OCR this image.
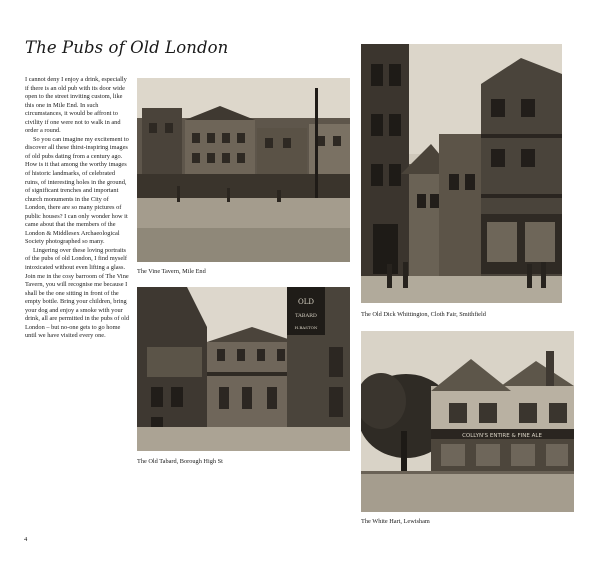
The Pubs of Old London

I cannot deny I enjoy a drink, especially if there is an old pub with its door wide open to the street inviting custom, like this one in Mile End. In such circumstances, it would be affront to civility if one were not to walk in and order a round.

So you can imagine my excitement to discover all these thirst-inspiring images of old pubs dating from a century ago. How is it that among the worthy images of historic landmarks, of celebrated ruins, of interesting holes in the ground, of significant trenches and important church monuments in the City of London, there are so many pictures of public houses? I can only wonder how it came about that the members of the London & Middlesex Archaeological Society photographed so many.

Lingering over these loving portraits of the pubs of old London, I find myself intoxicated without even lifting a glass. Join me in the cosy barroom of The Vine Tavern, you will recognise me because I shall be the one sitting in front of the empty bottle. Bring your children, bring your dog and enjoy a smoke with your drink, all are permitted in the pubs of old London – but no-one gets to go home until we have visited every one.

The Vine Tavern, Mile End

OLD
TABARD
H.BASTON

The Old Tabard, Borough High St

The Old Dick Whittington, Cloth Fair, Smithfield

COLLYN'S ENTIRE & FINE ALE

The White Hart, Lewisham

4
